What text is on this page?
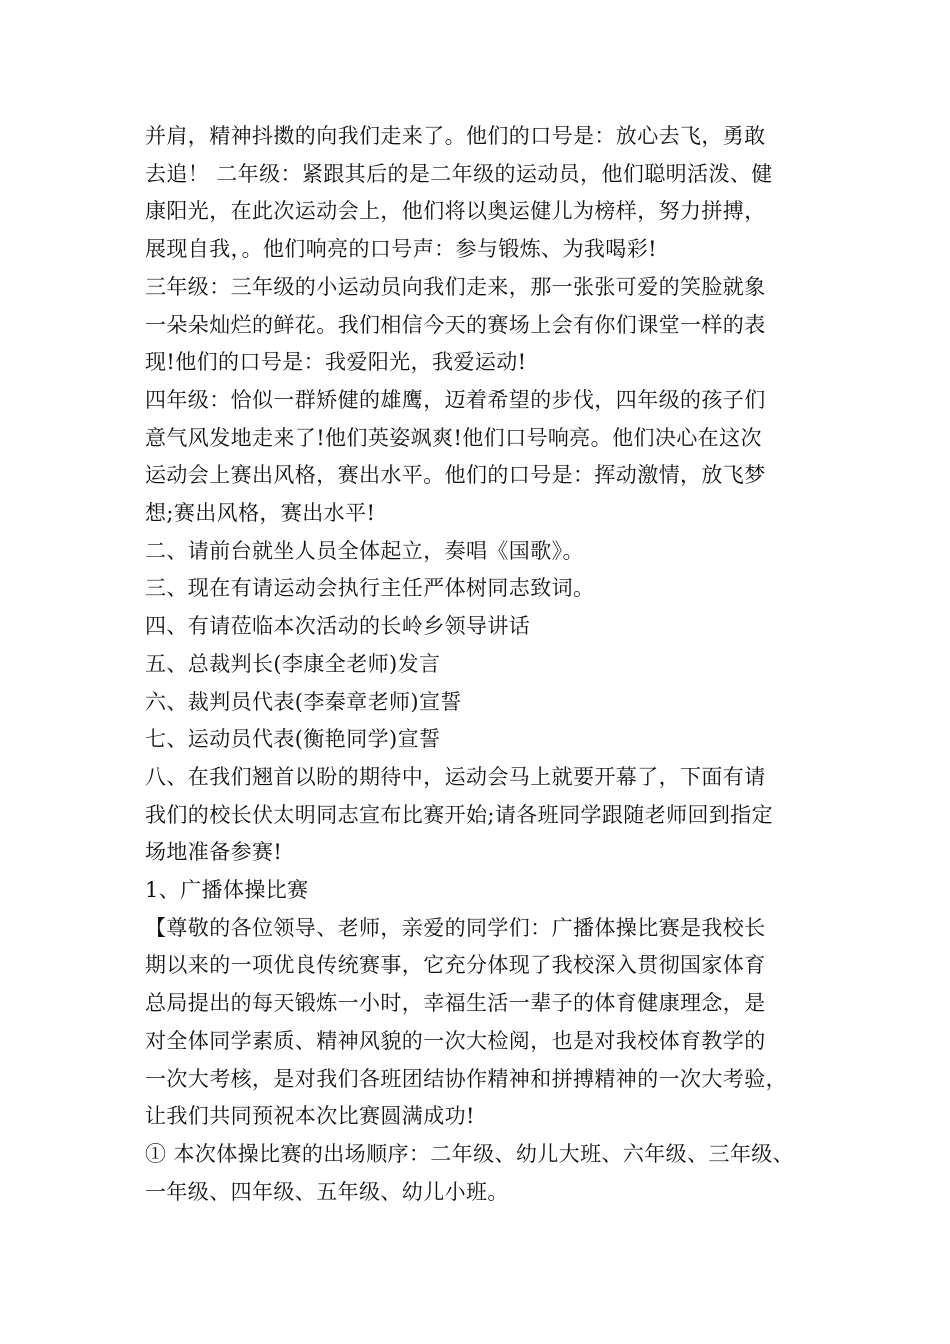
并肩，精神抖擞的向我们走来了。他们的口号是：放心去飞，勇敢
去追！ 二年级：紧跟其后的是二年级的运动员，他们聪明活泼、健
康阳光，在此次运动会上，他们将以奥运健儿为榜样，努力拼搏，
展现自我，。他们响亮的口号声：参与锻炼、为我喝彩!
三年级：三年级的小运动员向我们走来，那一张张可爱的笑脸就象
一朵朵灿烂的鲜花。我们相信今天的赛场上会有你们课堂一样的表
现!他们的口号是：我爱阳光，我爱运动!
四年级：恰似一群矫健的雄鹰，迈着希望的步伐，四年级的孩子们
意气风发地走来了!他们英姿飒爽!他们口号响亮。他们决心在这次
运动会上赛出风格，赛出水平。他们的口号是：挥动激情，放飞梦
想;赛出风格，赛出水平!
二、请前台就坐人员全体起立，奏唱《国歌》。
三、现在有请运动会执行主任严体树同志致词。
四、有请莅临本次活动的长岭乡领导讲话
五、总裁判长(李康全老师)发言
六、裁判员代表(李秦章老师)宣誓
七、运动员代表(衡艳同学)宣誓
八、在我们翘首以盼的期待中，运动会马上就要开幕了，下面有请
我们的校长伏太明同志宣布比赛开始;请各班同学跟随老师回到指定
场地准备参赛!
1、广播体操比赛
【尊敬的各位领导、老师，亲爱的同学们：广播体操比赛是我校长
期以来的一项优良传统赛事，它充分体现了我校深入贯彻国家体育
总局提出的每天锻炼一小时，幸福生活一辈子的体育健康理念，是
对全体同学素质、精神风貌的一次大检阅，也是对我校体育教学的
一次大考核，是对我们各班团结协作精神和拼搏精神的一次大考验，
让我们共同预祝本次比赛圆满成功!
① 本次体操比赛的出场顺序：二年级、幼儿大班、六年级、三年级、
一年级、四年级、五年级、幼儿小班。
